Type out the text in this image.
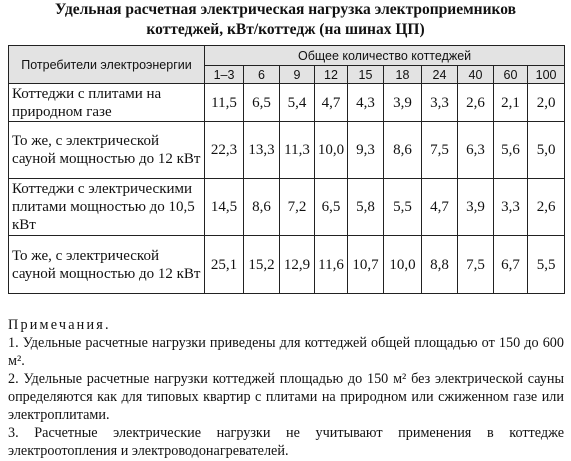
Удельная расчетная электрическая нагрузка электроприемников
коттеджей, кВт/коттедж (на шинах ЦП)
Потребители электроэнергии	Общее количество коттеджей									
	1–3	6	9	12	15	18	24	40	60	100
Коттеджи с плитами на природном газе	11,5	6,5	5,4	4,7	4,3	3,9	3,3	2,6	2,1	2,0
То же, с электрической сауной мощностью до 12 кВт	22,3	13,3	11,3	10,0	9,3	8,6	7,5	6,3	5,6	5,0
Коттеджи с электрическими плитами мощностью до 10,5 кВт	14,5	8,6	7,2	6,5	5,8	5,5	4,7	3,9	3,3	2,6
То же, с электрической сауной мощностью до 12 кВт	25,1	15,2	12,9	11,6	10,7	10,0	8,8	7,5	6,7	5,5
Примечания.

1. Удельные расчетные нагрузки приведены для коттеджей общей площадью от 150 до 600 м².

2. Удельные расчетные нагрузки коттеджей площадью до 150 м² без электрической сауны определяются как для типовых квартир с плитами на природном или сжиженном газе или электроплитами.

3. Расчетные электрические нагрузки не учитывают применения в коттедже электроотопления и электроводонагревателей.
